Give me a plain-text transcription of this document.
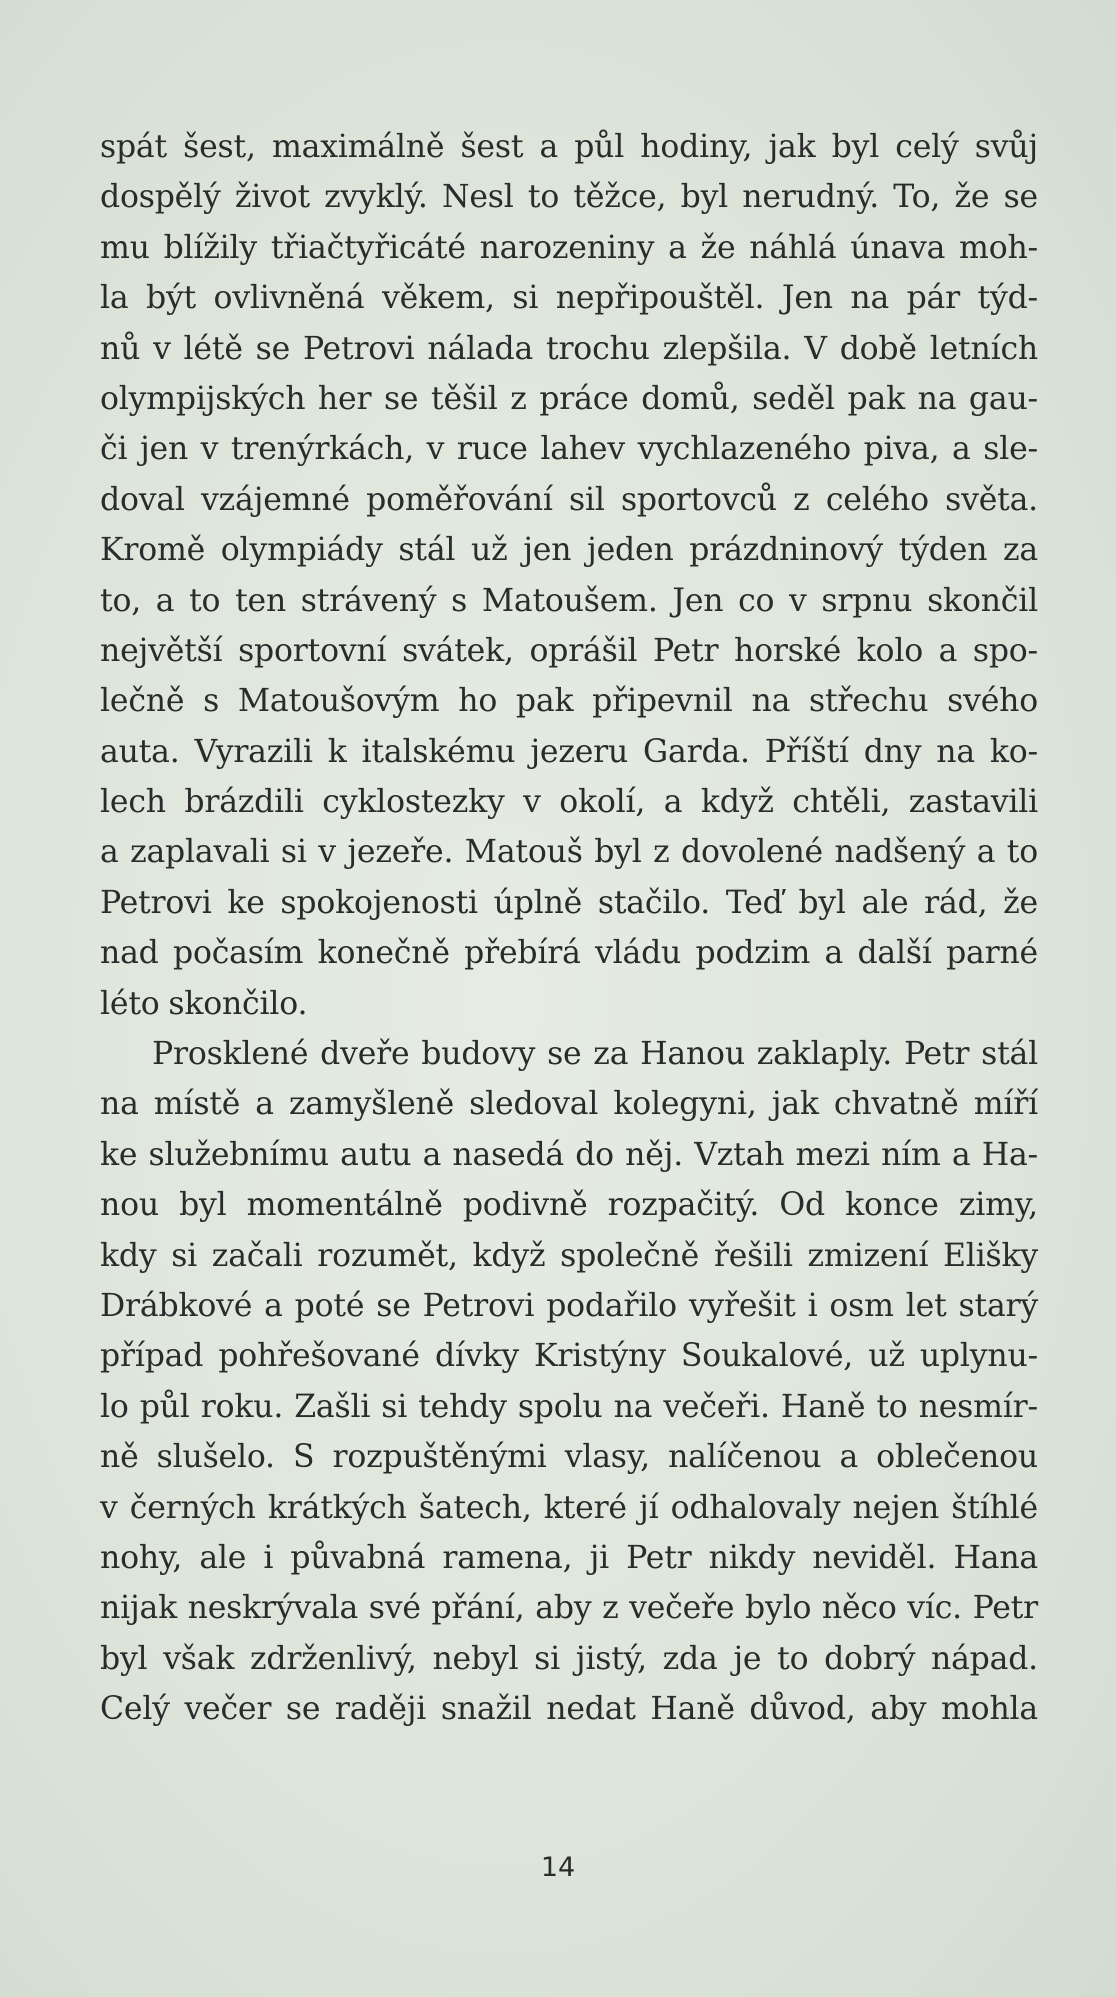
spát šest, maximálně šest a půl hodiny, jak byl celý svůj
dospělý život zvyklý. Nesl to těžce, byl nerudný. To, že se
mu blížily třiačtyřicáté narozeniny a že náhlá únava moh-
la být ovlivněná věkem, si nepřipouštěl. Jen na pár týd-
nů v létě se Petrovi nálada trochu zlepšila. V době letních
olympijských her se těšil z práce domů, seděl pak na gau-
či jen v trenýrkách, v ruce lahev vychlazeného piva, a sle-
doval vzájemné poměřování sil sportovců z celého světa.
Kromě olympiády stál už jen jeden prázdninový týden za
to, a to ten strávený s Matoušem. Jen co v srpnu skončil
největší sportovní svátek, oprášil Petr horské kolo a spo-
lečně s Matoušovým ho pak připevnil na střechu svého
auta. Vyrazili k italskému jezeru Garda. Příští dny na ko-
lech brázdili cyklostezky v okolí, a když chtěli, zastavili
a zaplavali si v jezeře. Matouš byl z dovolené nadšený a to
Petrovi ke spokojenosti úplně stačilo. Teď byl ale rád, že
nad počasím konečně přebírá vládu podzim a další parné
léto skončilo.
Prosklené dveře budovy se za Hanou zaklaply. Petr stál
na místě a zamyšleně sledoval kolegyni, jak chvatně míří
ke služebnímu autu a nasedá do něj. Vztah mezi ním a Ha-
nou byl momentálně podivně rozpačitý. Od konce zimy,
kdy si začali rozumět, když společně řešili zmizení Elišky
Drábkové a poté se Petrovi podařilo vyřešit i osm let starý
případ pohřešované dívky Kristýny Soukalové, už uplynu-
lo půl roku. Zašli si tehdy spolu na večeři. Haně to nesmír-
ně slušelo. S rozpuštěnými vlasy, nalíčenou a oblečenou
v černých krátkých šatech, které jí odhalovaly nejen štíhlé
nohy, ale i půvabná ramena, ji Petr nikdy neviděl. Hana
nijak neskrývala své přání, aby z večeře bylo něco víc. Petr
byl však zdrženlivý, nebyl si jistý, zda je to dobrý nápad.
Celý večer se raději snažil nedat Haně důvod, aby mohla
14
